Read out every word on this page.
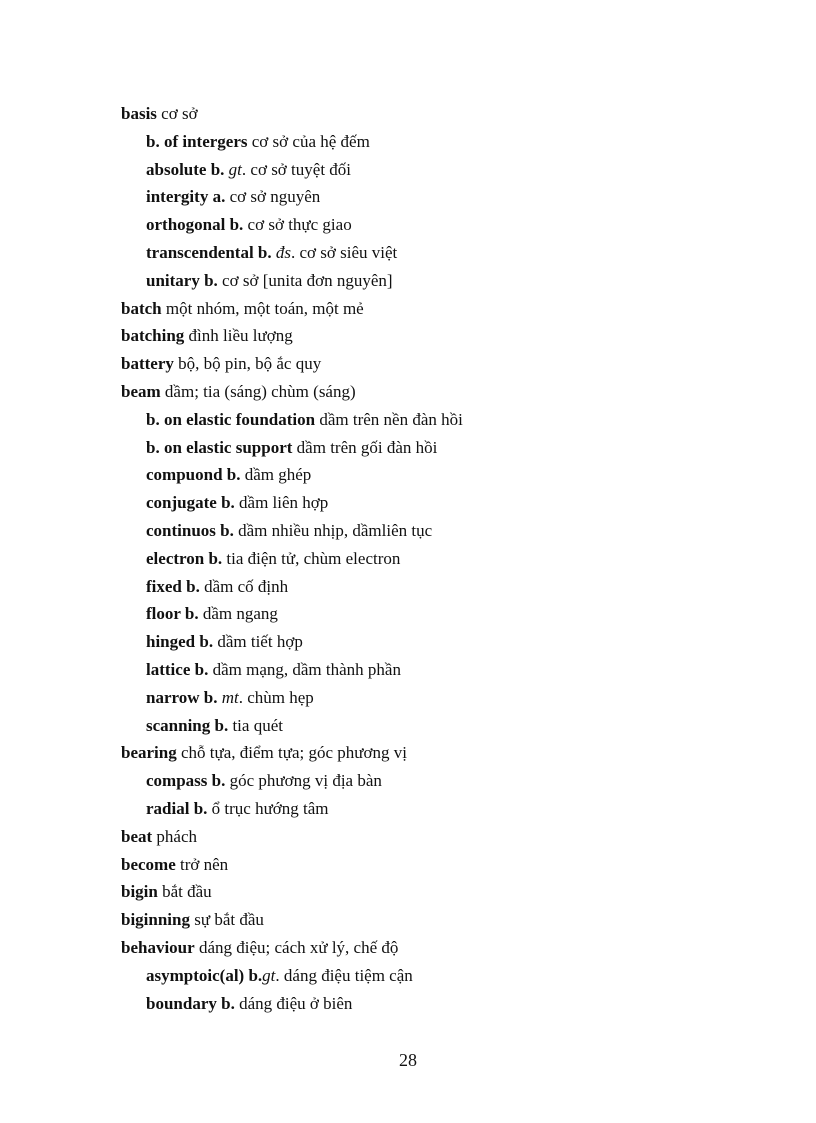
basis cơ sở
b. of intergers cơ sở của hệ đếm
absolute b. gt. cơ sở tuyệt đối
intergity a. cơ sở nguyên
orthogonal b. cơ sở thực giao
transcendental b. đs. cơ sở siêu việt
unitary b. cơ sở [unita đơn nguyên]
batch một nhóm, một toán, một mẻ
batching đình liều lượng
battery bộ, bộ pin, bộ ắc quy
beam dầm; tia (sáng) chùm (sáng)
b. on elastic foundation dầm trên nền đàn hồi
b. on elastic support dầm trên gối đàn hồi
compuond b. dầm ghép
conjugate b. dầm liên hợp
continuos b. dầm nhiều nhịp, dầmliên tục
electron b. tia điện tử, chùm electron
fixed b. dầm cố định
floor b. dầm ngang
hinged b. dầm tiết hợp
lattice b. dầm mạng, dầm thành phần
narrow b. mt. chùm hẹp
scanning b. tia quét
bearing chỗ tựa, điểm tựa; góc phương vị
compass b. góc phương vị địa bàn
radial b. ổ trục hướng tâm
beat phách
become trở nên
bigin bắt đầu
biginning sự bắt đầu
behaviour dáng điệu; cách xử lý, chế độ
asymptoic(al) b.gt. dáng điệu tiệm cận
boundary b. dáng điệu ở biên
28
